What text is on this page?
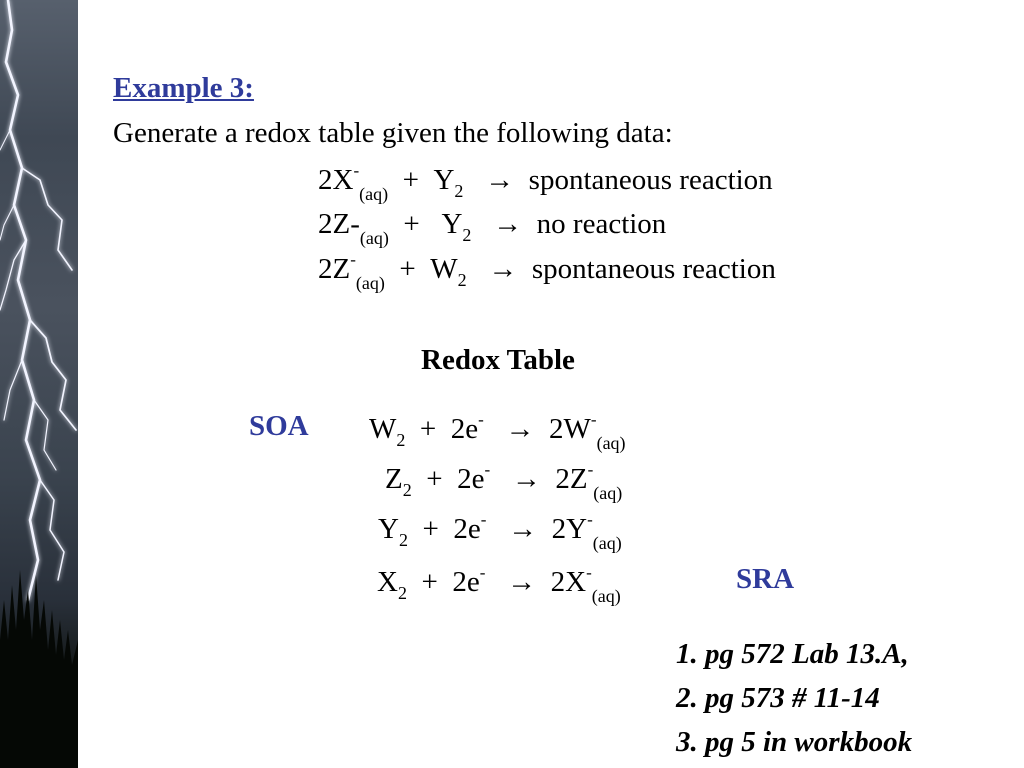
Example 3:
Generate a redox table given the following data:
$2X^-_{(aq)} + Y_2$ → spontaneous reaction
$2Z-_{(aq)} + Y_2$ → no reaction
$2Z^-_{(aq)} + W_2$ → spontaneous reaction
Redox Table
SOA $W_2 + 2e^- \to 2W^-_{(aq)}$
$Z_2 + 2e^- \to 2Z^-_{(aq)}$
$Y_2 + 2e^- \to 2Y^-_{(aq)}$
$X_2 + 2e^- \to 2X^-_{(aq)}$
SRA
1. pg 572 Lab 13.A,
2. pg 573 # 11-14
3. pg 5 in workbook
